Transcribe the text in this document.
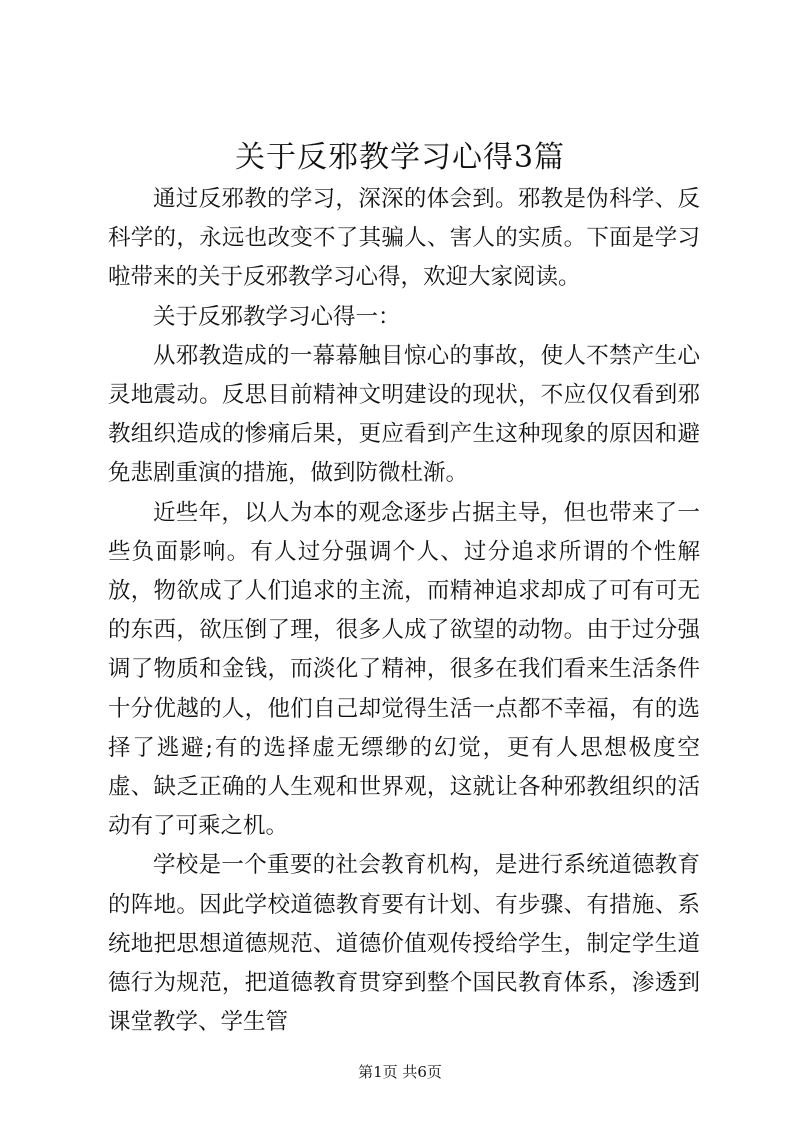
关于反邪教学习心得3篇

通过反邪教的学习，深深的体会到。邪教是伪科学、反科学的，永远也改变不了其骗人、害人的实质。下面是学习啦带来的关于反邪教学习心得，欢迎大家阅读。

关于反邪教学习心得一：

从邪教造成的一幕幕触目惊心的事故，使人不禁产生心灵地震动。反思目前精神文明建设的现状，不应仅仅看到邪教组织造成的惨痛后果，更应看到产生这种现象的原因和避免悲剧重演的措施，做到防微杜渐。

近些年，以人为本的观念逐步占据主导，但也带来了一些负面影响。有人过分强调个人、过分追求所谓的个性解放，物欲成了人们追求的主流，而精神追求却成了可有可无的东西，欲压倒了理，很多人成了欲望的动物。由于过分强调了物质和金钱，而淡化了精神，很多在我们看来生活条件十分优越的人，他们自己却觉得生活一点都不幸福，有的选择了逃避;有的选择虚无缥缈的幻觉，更有人思想极度空虚、缺乏正确的人生观和世界观，这就让各种邪教组织的活动有了可乘之机。

学校是一个重要的社会教育机构，是进行系统道德教育的阵地。因此学校道德教育要有计划、有步骤、有措施、系统地把思想道德规范、道德价值观传授给学生，制定学生道德行为规范，把道德教育贯穿到整个国民教育体系，渗透到课堂教学、学生管

第1页 共6页
